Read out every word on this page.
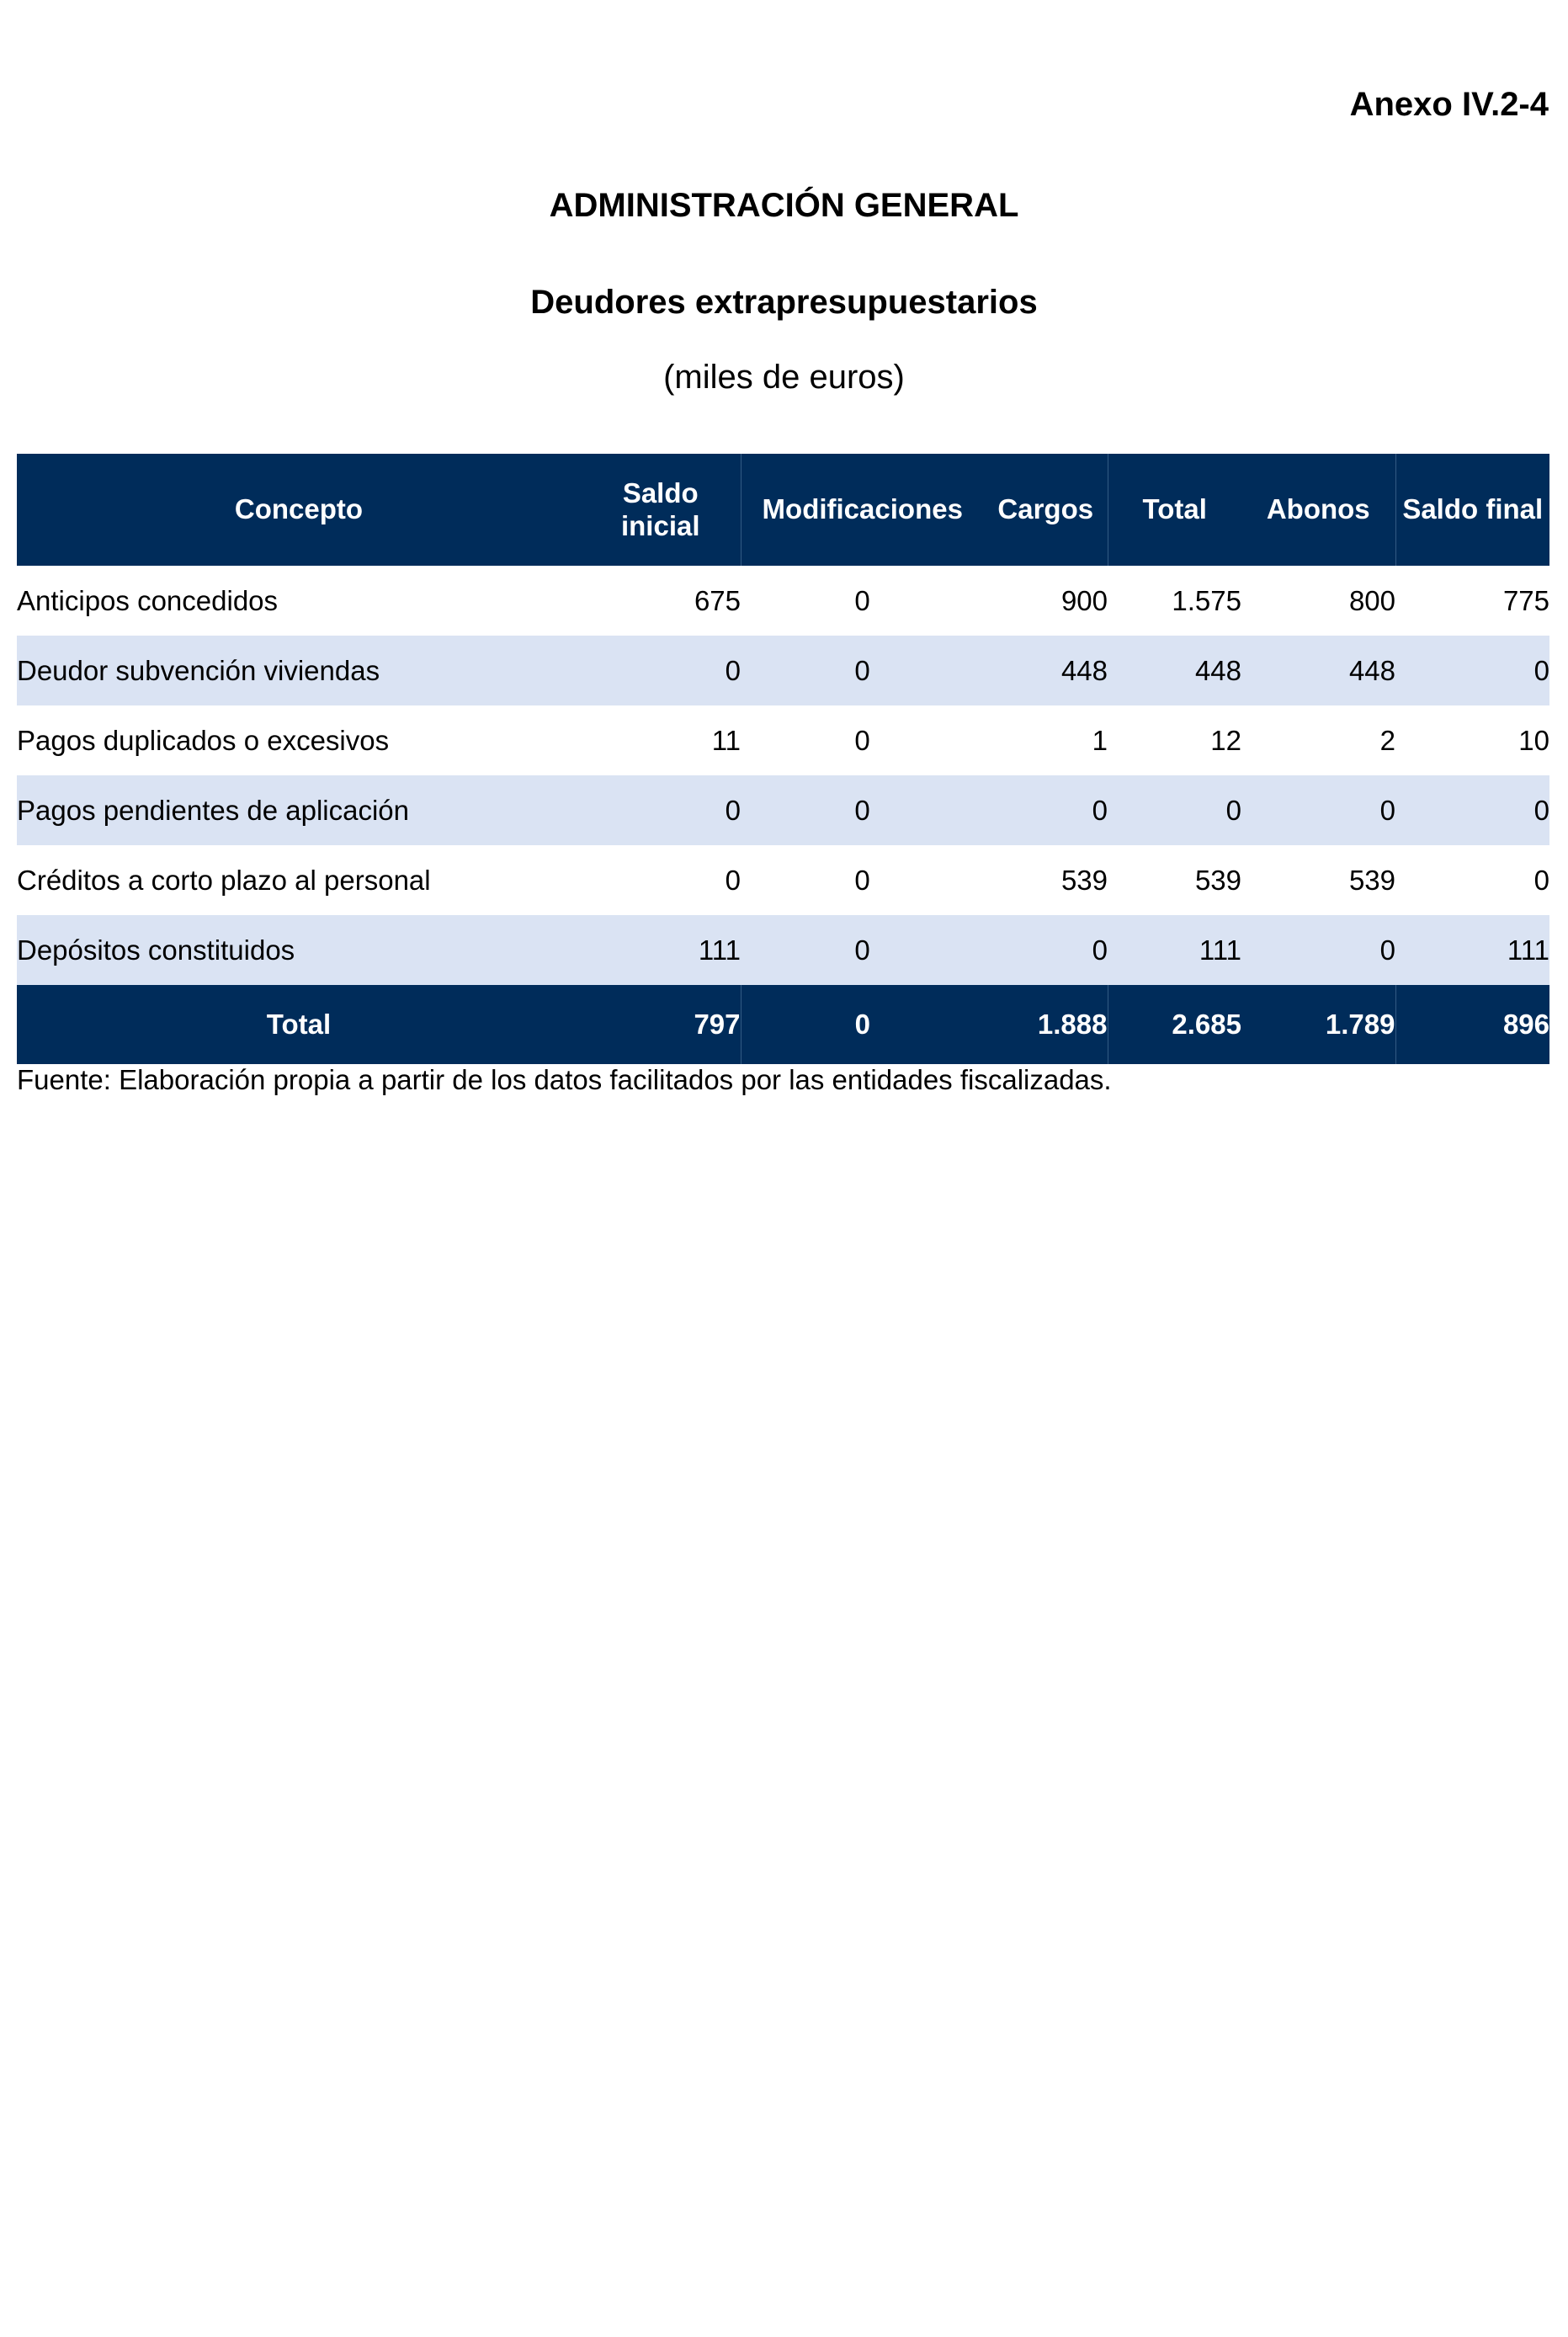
Anexo IV.2-4
ADMINISTRACIÓN GENERAL
Deudores extrapresupuestarios
(miles de euros)
Concepto	Saldo inicial	Modificaciones	Cargos	Total	Abonos	Saldo final
Anticipos concedidos	675	0	900	1.575	800	775
Deudor subvención viviendas	0	0	448	448	448	0
Pagos duplicados o excesivos	11	0	1	12	2	10
Pagos pendientes de aplicación	0	0	0	0	0	0
Créditos a corto plazo al personal	0	0	539	539	539	0
Depósitos constituidos	111	0	0	111	0	111
Total	797	0	1.888	2.685	1.789	896
Fuente: Elaboración propia a partir de los datos facilitados por las entidades fiscalizadas.
